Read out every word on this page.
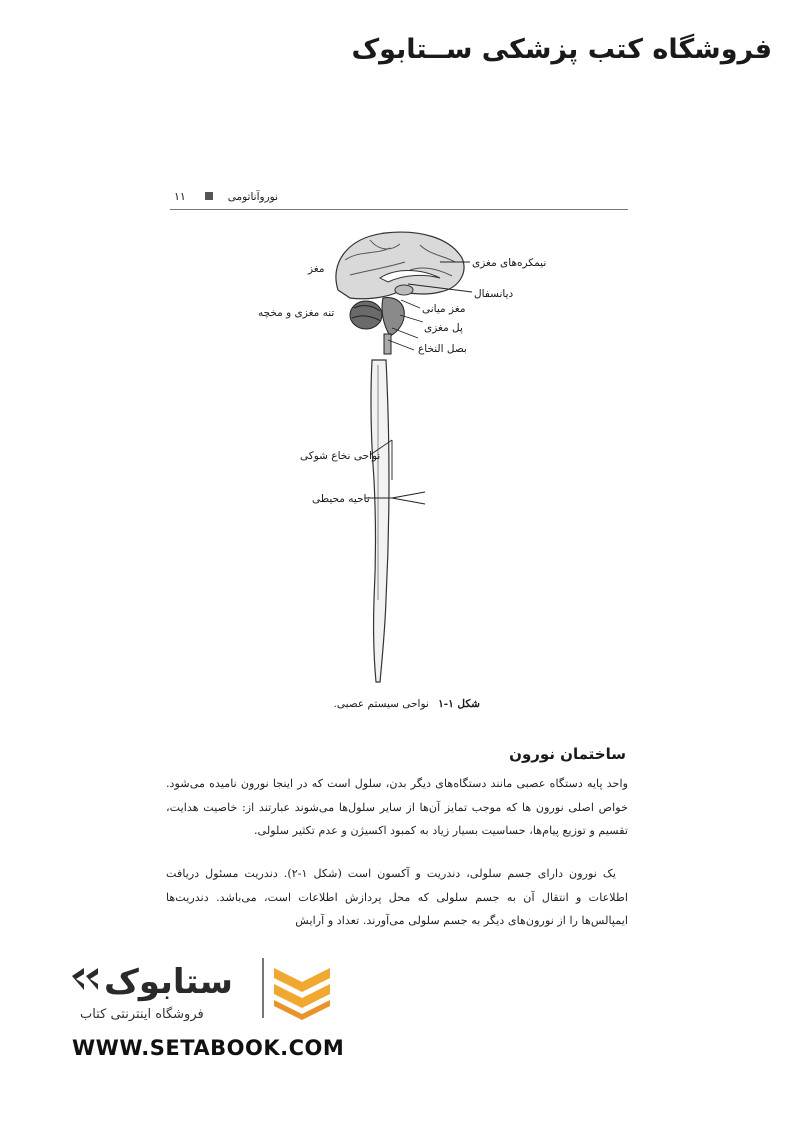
فروشگاه کتب پزشکی ســتابوک
نوروآناتومی
۱۱
نیمکره‌های مغزی
دیانسفال
مغز
مغز میانی
تنه مغزی و مخچه
پل مغزی
بصل النخاع
نواحی نخاع شوکی
ناحیه محیطی
شکل ۱-۱ نواحی سیستم عصبی.
ساختمان نورون
واحد پایه دستگاه عصبی مانند دستگاه‌های دیگر بدن، سلول است که در اینجا نورون نامیده می‌شود. خواص اصلی نورون ها که موجب تمایز آن‌ها از سایر سلول‌ها می‌شوند عبارتند از: خاصیت هدایت، تقسیم و توزیع پیام‌ها، حساسیت بسیار زیاد به کمبود اکسیژن و عدم تکثیر سلولی.
یک نورون دارای جسم سلولی، دندریت و آکسون است (شکل ۱-۲). دندریت مسئول دریافت اطلاعات و انتقال آن به جسم سلولی که محل پردازش اطلاعات است، می‌باشد. دندریت‌ها ایمپالس‌ها را از نورون‌های دیگر به جسم سلولی می‌آورند. تعداد و آرایش
ستابوک
فروشگاه اینترنتی کتاب
WWW.SETABOOK.COM
